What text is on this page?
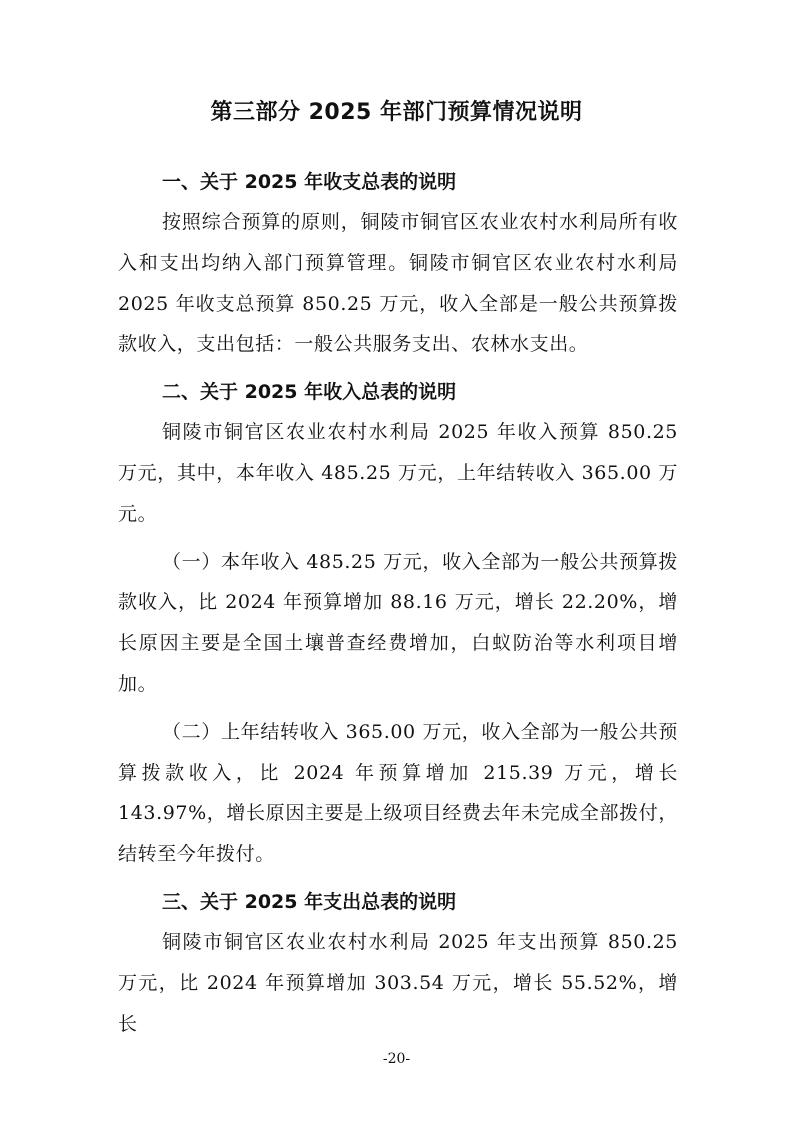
第三部分 2025 年部门预算情况说明
一、关于 2025 年收支总表的说明

按照综合预算的原则，铜陵市铜官区农业农村水利局所有收入和支出均纳入部门预算管理。铜陵市铜官区农业农村水利局 2025 年收支总预算 850.25 万元，收入全部是一般公共预算拨款收入，支出包括：一般公共服务支出、农林水支出。

二、关于 2025 年收入总表的说明

铜陵市铜官区农业农村水利局 2025 年收入预算 850.25 万元，其中，本年收入 485.25 万元，上年结转收入 365.00 万元。

（一）本年收入 485.25 万元，收入全部为一般公共预算拨款收入，比 2024 年预算增加 88.16 万元，增长 22.20%，增长原因主要是全国土壤普查经费增加，白蚁防治等水利项目增加。

（二）上年结转收入 365.00 万元，收入全部为一般公共预算拨款收入，比 2024 年预算增加 215.39 万元，增长 143.97%，增长原因主要是上级项目经费去年未完成全部拨付，结转至今年拨付。

三、关于 2025 年支出总表的说明

铜陵市铜官区农业农村水利局 2025 年支出预算 850.25 万元，比 2024 年预算增加 303.54 万元，增长 55.52%，增长

-20-
